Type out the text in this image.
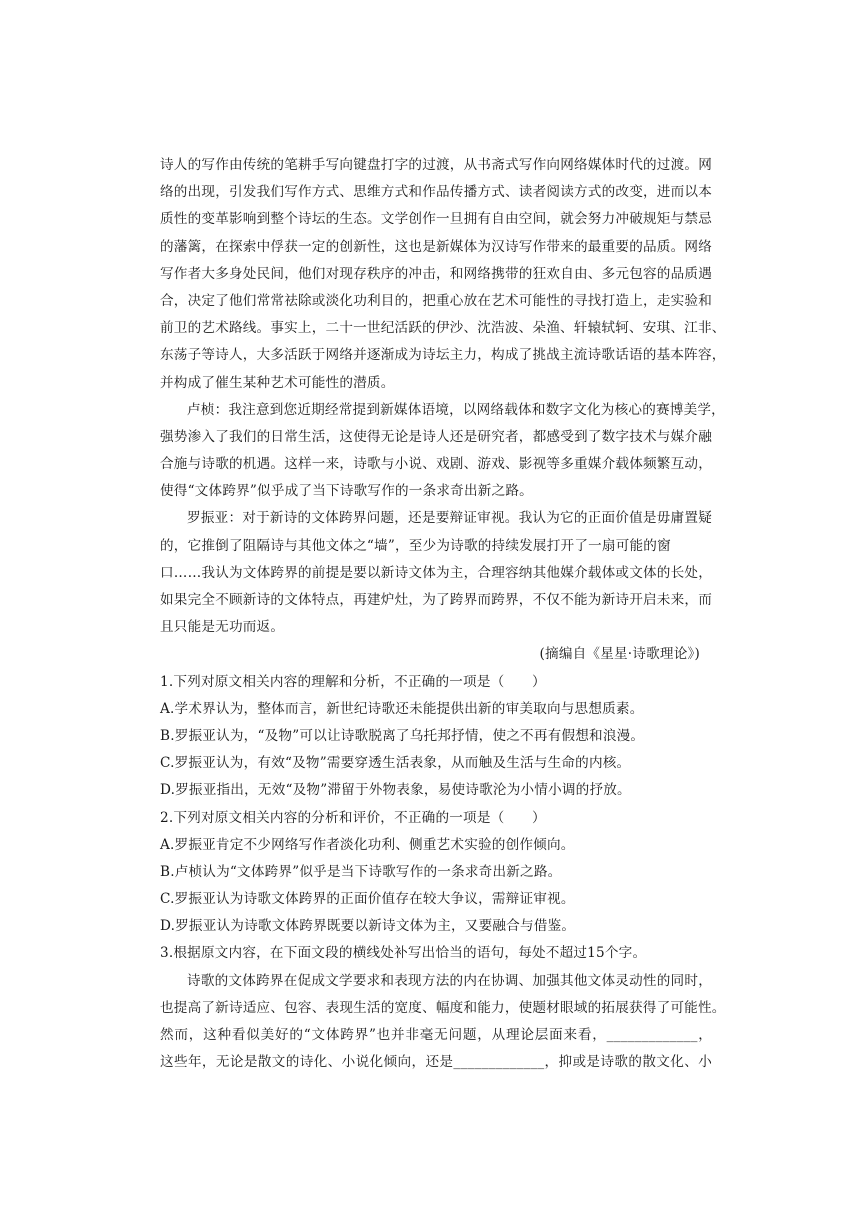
诗人的写作由传统的笔耕手写向键盘打字的过渡，从书斋式写作向网络媒体时代的过渡。网
络的出现，引发我们写作方式、思维方式和作品传播方式、读者阅读方式的改变，进而以本
质性的变革影响到整个诗坛的生态。文学创作一旦拥有自由空间，就会努力冲破规矩与禁忌
的藩篱，在探索中俘获一定的创新性，这也是新媒体为汉诗写作带来的最重要的品质。网络
写作者大多身处民间，他们对现存秩序的冲击，和网络携带的狂欢自由、多元包容的品质遇
合，决定了他们常常祛除或淡化功利目的，把重心放在艺术可能性的寻找打造上，走实验和
前卫的艺术路线。事实上，二十一世纪活跃的伊沙、沈浩波、朵渔、轩辕轼轲、安琪、江非、
东荡子等诗人，大多活跃于网络并逐渐成为诗坛主力，构成了挑战主流诗歌话语的基本阵容，
并构成了催生某种艺术可能性的潜质。
卢桢：我注意到您近期经常提到新媒体语境，以网络载体和数字文化为核心的赛博美学，
强势渗入了我们的日常生活，这使得无论是诗人还是研究者，都感受到了数字技术与媒介融
合施与诗歌的机遇。这样一来，诗歌与小说、戏剧、游戏、影视等多重媒介载体频繁互动，
使得“文体跨界”似乎成了当下诗歌写作的一条求奇出新之路。
罗振亚：对于新诗的文体跨界问题，还是要辩证审视。我认为它的正面价值是毋庸置疑
的，它推倒了阻隔诗与其他文体之“墙”，至少为诗歌的持续发展打开了一扇可能的窗
口……我认为文体跨界的前提是要以新诗文体为主，合理容纳其他媒介载体或文体的长处，
如果完全不顾新诗的文体特点，再建炉灶，为了跨界而跨界，不仅不能为新诗开启未来，而
且只能是无功而返。
(摘编自《星星·诗歌理论》)
1.下列对原文相关内容的理解和分析，不正确的一项是（　　）
A.学术界认为，整体而言，新世纪诗歌还未能提供出新的审美取向与思想质素。
B.罗振亚认为，“及物”可以让诗歌脱离了乌托邦抒情，使之不再有假想和浪漫。
C.罗振亚认为，有效“及物”需要穿透生活表象，从而触及生活与生命的内核。
D.罗振亚指出，无效“及物”滞留于外物表象，易使诗歌沦为小情小调的抒放。
2.下列对原文相关内容的分析和评价，不正确的一项是（　　）
A.罗振亚肯定不少网络写作者淡化功利、侧重艺术实验的创作倾向。
B.卢桢认为“文体跨界”似乎是当下诗歌写作的一条求奇出新之路。
C.罗振亚认为诗歌文体跨界的正面价值存在较大争议，需辩证审视。
D.罗振亚认为诗歌文体跨界既要以新诗文体为主，又要融合与借鉴。
3.根据原文内容，在下面文段的横线处补写出恰当的语句，每处不超过15个字。
诗歌的文体跨界在促成文学要求和表现方法的内在协调、加强其他文体灵动性的同时，
也提高了新诗适应、包容、表现生活的宽度、幅度和能力，使题材眼域的拓展获得了可能性。
然而，这种看似美好的“文体跨界”也并非毫无问题，从理论层面来看，_____________，
这些年，无论是散文的诗化、小说化倾向，还是_____________，抑或是诗歌的散文化、小
